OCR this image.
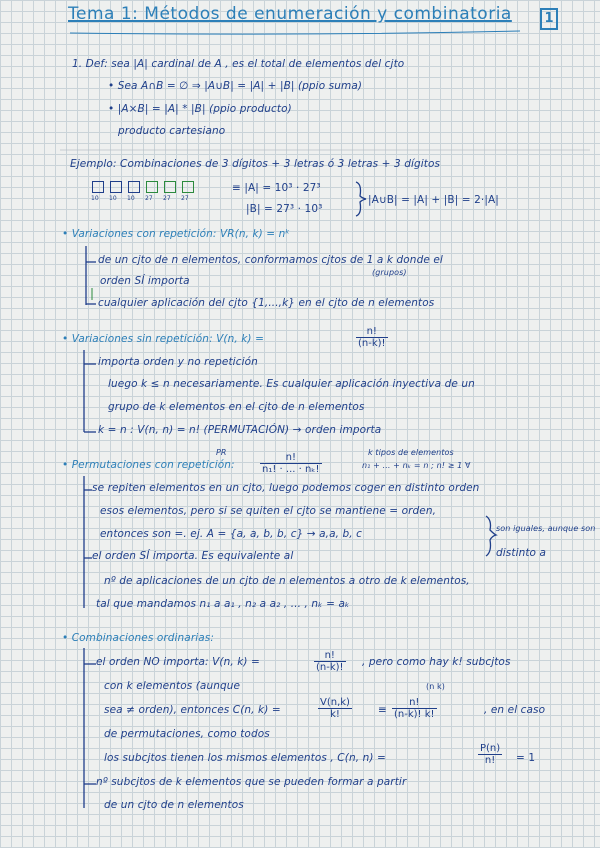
Tema 1: Métodos de enumeración y combinatoria	1
1. Def: sea |A| cardinal de A , es el total de elementos del cjto
• Sea A∩B = ∅ ⇒ |A∪B| = |A| + |B| (ppio suma)
• |A×B| = |A| * |B| (ppio producto)
producto cartesiano
Ejemplo: Combinaciones de 3 dígitos + 3 letras ó 3 letras + 3 dígitos
10 10 10 27 27 27
≡ |A| = 10³ · 27³
|B| = 27³ · 10³
|A∪B| = |A| + |B| = 2·|A|
• Variaciones con repetición: VR(n, k) = nᵏ
de un cjto de n elementos, conformamos cjtos de 1 a k donde el
(grupos)
orden SÍ importa
cualquier aplicación del cjto {1,...,k} en el cjto de n elementos
• Variaciones sin repetición: V(n, k) =	$\frac{n!}{(n-k)!}$
importa orden y no repetición
luego k ≤ n necesariamente. Es cualquier aplicación inyectiva de un
grupo de k elementos en el cjto de n elementos
k = n : V(n, n) = n! (PERMUTACIÓN) → orden importa
• Permutaciones con repetición:
PR	$\frac{n!}{\text{n₁! · ... · nₖ!}}$	k tipos de elementos
n₁ + ... + nₖ = n ; n! ≥ 1 ∀
se repiten elementos en un cjto, luego podemos coger en distinto orden
esos elementos, pero si se quiten el cjto se mantiene = orden,
entonces son =. ej. A = {a, a, b, b, c} → a,a, b, c	son iguales, aunque son
el orden SÍ importa. Es equivalente al	distinto a
nº de aplicaciones de un cjto de n elementos a otro de k elementos,
tal que mandamos n₁ a a₁ , n₂ a a₂ , ... , nₖ = aₖ
• Combinaciones ordinarias:
el orden NO importa: V(n, k) =	$\frac{n!}{(n-k)!}$ , pero como hay k! subcjtos
con k elementos (aunque	(n k)
sea ≠ orden), entonces C(n, k) =	$\frac{V(n,k)}{k!} \equiv \frac{n!}{(n-k)! k!}$	, en el caso
de permutaciones, como todos
los subcjtos tienen los mismos elementos , C(n, n) =	$\frac{P(n)}{n!} = 1$
nº subcjtos de k elementos que se pueden formar a partir
de un cjto de n elementos
